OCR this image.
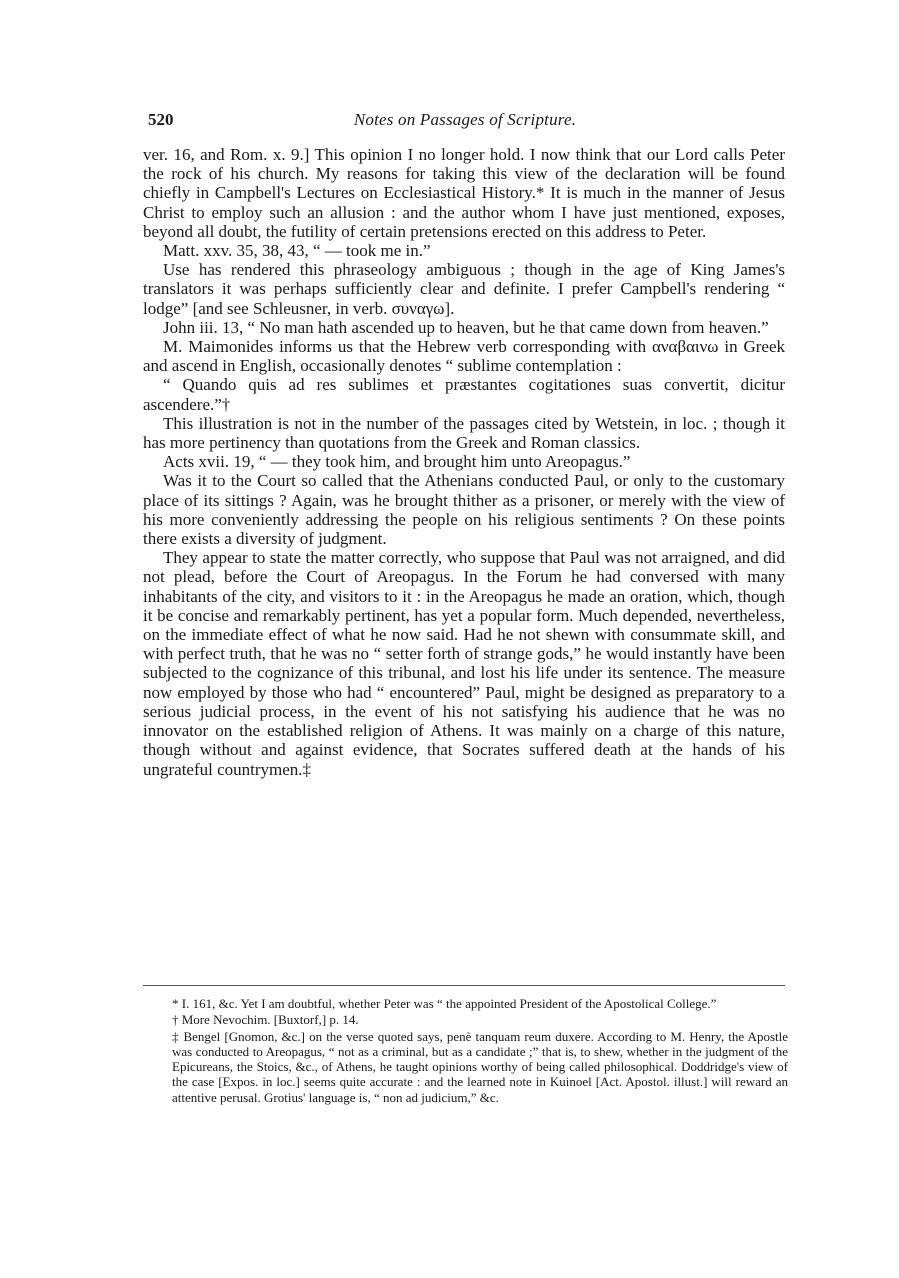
520	Notes on Passages of Scripture.

ver. 16, and Rom. x. 9.] This opinion I no longer hold. I now think that our Lord calls Peter the rock of his church. My reasons for taking this view of the declaration will be found chiefly in Campbell's Lectures on Ecclesiastical History.* It is much in the manner of Jesus Christ to employ such an allusion : and the author whom I have just mentioned, exposes, beyond all doubt, the futility of certain pretensions erected on this address to Peter.

Matt. xxv. 35, 38, 43, “ — took me in.”

Use has rendered this phraseology ambiguous ; though in the age of King James's translators it was perhaps sufficiently clear and definite. I prefer Campbell's rendering “ lodge” [and see Schleusner, in verb. συναγω].

John iii. 13, “ No man hath ascended up to heaven, but he that came down from heaven.”

M. Maimonides informs us that the Hebrew verb corresponding with αναβαινω in Greek and ascend in English, occasionally denotes “ sublime contemplation :

“ Quando quis ad res sublimes et præstantes cogitationes suas convertit, dicitur ascendere.”†

This illustration is not in the number of the passages cited by Wetstein, in loc. ; though it has more pertinency than quotations from the Greek and Roman classics.

Acts xvii. 19, “ — they took him, and brought him unto Areopagus.”

Was it to the Court so called that the Athenians conducted Paul, or only to the customary place of its sittings ? Again, was he brought thither as a prisoner, or merely with the view of his more conveniently addressing the people on his religious sentiments ? On these points there exists a diversity of judgment.

They appear to state the matter correctly, who suppose that Paul was not arraigned, and did not plead, before the Court of Areopagus. In the Forum he had conversed with many inhabitants of the city, and visitors to it : in the Areopagus he made an oration, which, though it be concise and remarkably pertinent, has yet a popular form. Much depended, nevertheless, on the immediate effect of what he now said. Had he not shewn with consummate skill, and with perfect truth, that he was no “ setter forth of strange gods,” he would instantly have been subjected to the cognizance of this tribunal, and lost his life under its sentence. The measure now employed by those who had “ encountered” Paul, might be designed as preparatory to a serious judicial process, in the event of his not satisfying his audience that he was no innovator on the established religion of Athens. It was mainly on a charge of this nature, though without and against evidence, that Socrates suffered death at the hands of his ungrateful countrymen.‡

* I. 161, &c. Yet I am doubtful, whether Peter was “ the appointed President of the Apostolical College.”

† More Nevochim. [Buxtorf,] p. 14.

‡ Bengel [Gnomon, &c.] on the verse quoted says, penè tanquam reum duxere. According to M. Henry, the Apostle was conducted to Areopagus, “ not as a criminal, but as a candidate ;” that is, to shew, whether in the judgment of the Epicureans, the Stoics, &c., of Athens, he taught opinions worthy of being called philosophical. Doddridge's view of the case [Expos. in loc.] seems quite accurate : and the learned note in Kuinoel [Act. Apostol. illust.] will reward an attentive perusal. Grotius' language is, “ non ad judicium,” &c.
